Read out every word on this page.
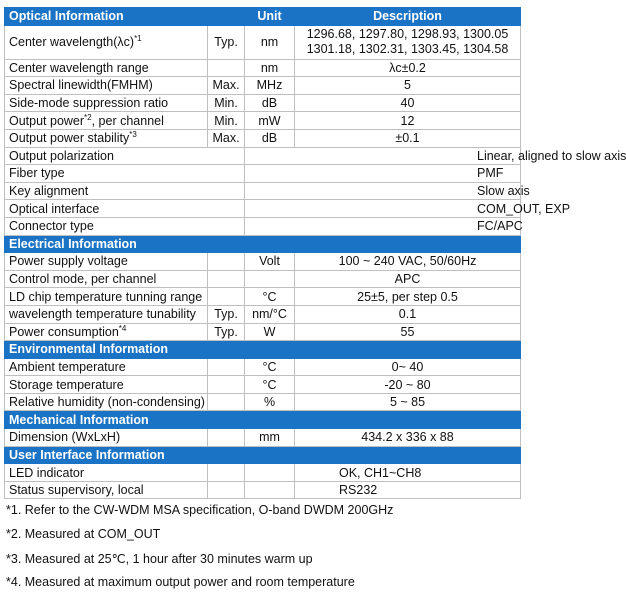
Optical Information		Unit	Description
Center $wavelength(\lambda c)^{*1}$	Typ.	nm	1296.68, 1297.80, 1298.93, 1300.05
1301.18, 1302.31, 1303.45, 1304.58

Center wavelength range		nm	λc±0.2
Spectral linewidth(FMHM)	Max.	MHz	5
Side-mode suppression ratio	Min.	dB	40
Output power$^{*2}$, per channel	Min.	mW	12
Output power stability$^{*3}$	Max.	dB	±0.1
Output polarization		Linear, aligned to slow axis	
Fiber type		PMF	
Key alignment		Slow axis	
Optical interface		COM_OUT, EXP	
Connector type		FC/APC	
Electrical Information			
Power supply voltage		Volt	100 ~ 240 VAC, 50/60Hz
Control mode, per channel			APC
LD chip temperature tunning range		°C	25±5, per step 0.5
wavelength temperature tunability	Typ.	nm/°C	0.1
Power consumption$^{*4}$	Typ.	W	55
Environmental Information			
Ambient temperature		°C	0~ 40
Storage temperature		°C	-20 ~ 80
Relative humidity (non-condensing)		%	5 ~ 85
Mechanical Information			
Dimension (WxLxH)		mm	434.2 x 336 x 88
User Interface Information			
LED indicator			OK, CH1~CH8
Status supervisory, local			RS232
*1. Refer to the CW-WDM MSA specification, O-band DWDM 200GHz
*2. Measured at COM_OUT
*3. Measured at 25℃, 1 hour after 30 minutes warm up
*4. Measured at maximum output power and room temperature
